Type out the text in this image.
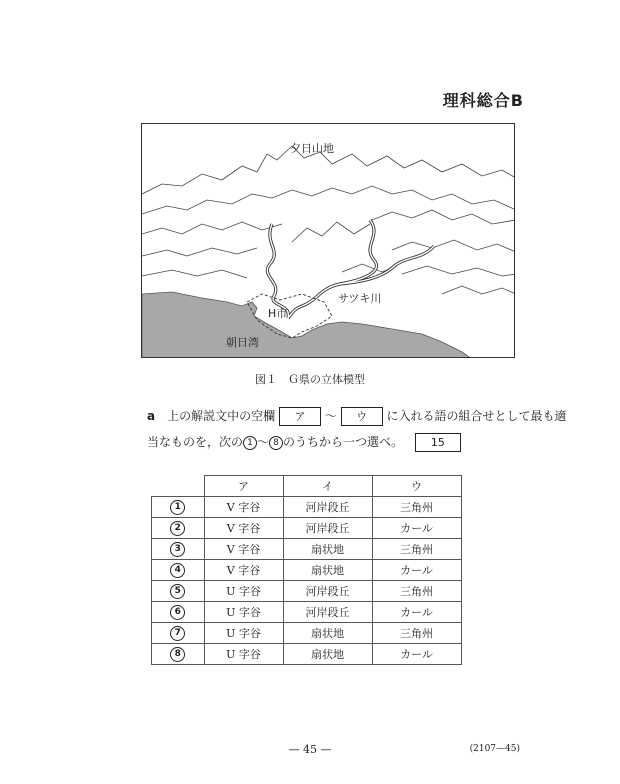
理科総合B
夕日山地
サツキ川
H市
朝日湾
図１　Ｇ県の立体模型
a 上の解説文中の空欄 ア ～ ウ に入れる語の組合せとして最も適
当なものを，次の 1 ～ 8 のうちから一つ選べ。	15
	ア	イ	ウ
1	V 字谷	河岸段丘	三角州
2	V 字谷	河岸段丘	カール
3	V 字谷	扇状地	三角州
4	V 字谷	扇状地	カール
5	U 字谷	河岸段丘	三角州
6	U 字谷	河岸段丘	カール
7	U 字谷	扇状地	三角州
8	U 字谷	扇状地	カール
— 45 —	(2107—45)
